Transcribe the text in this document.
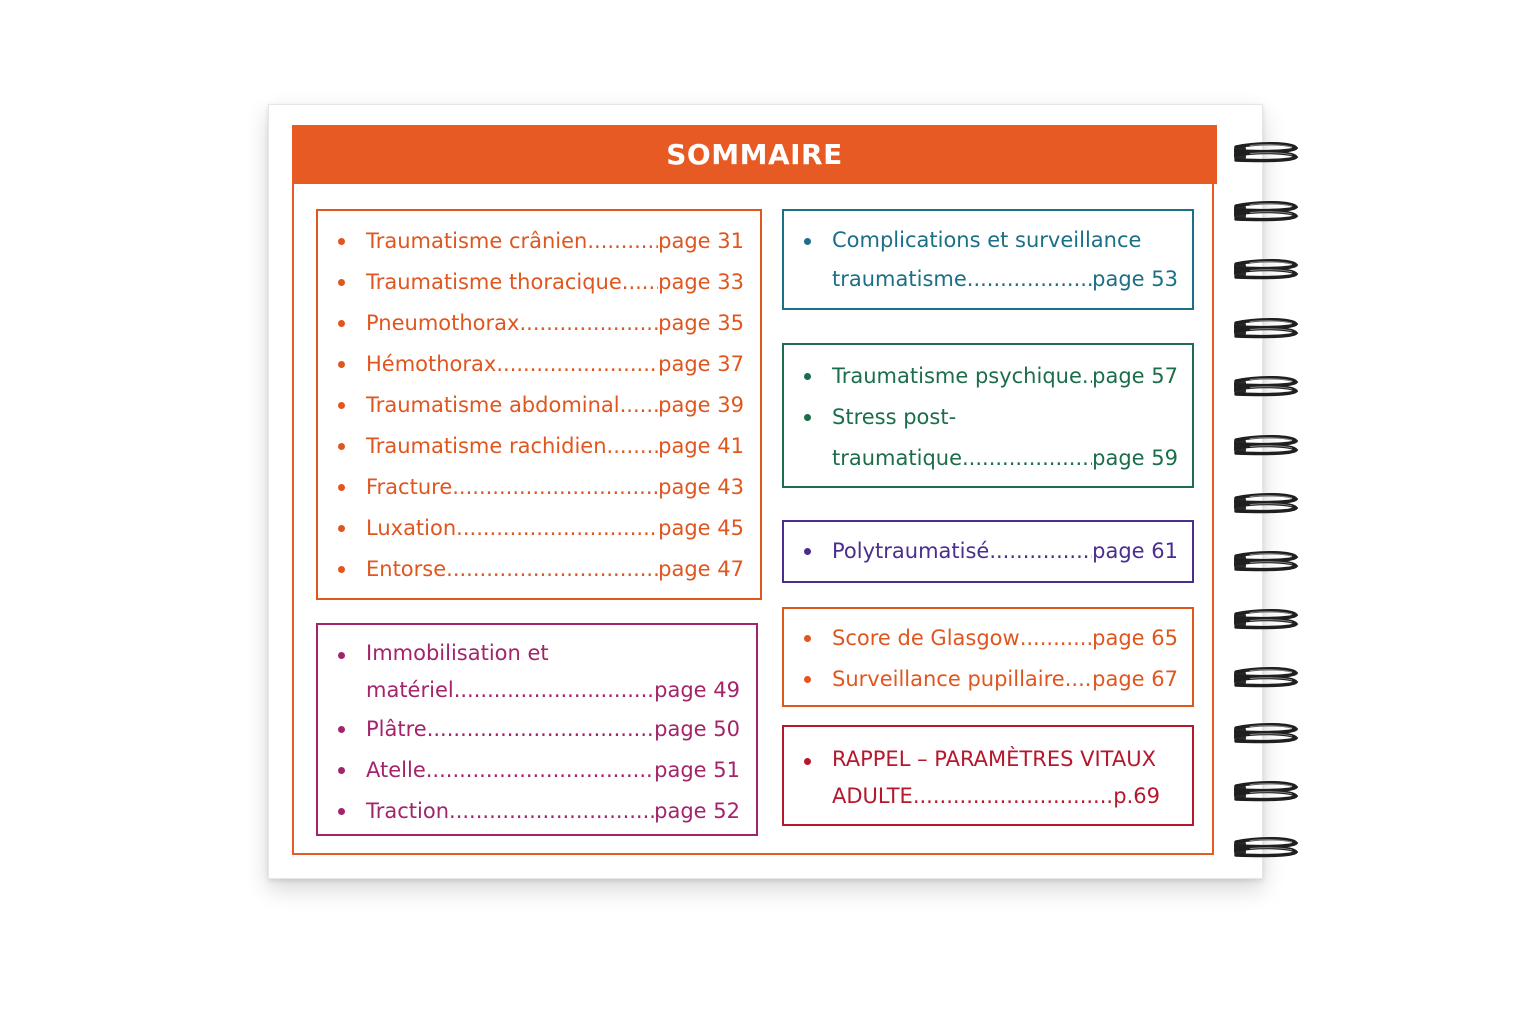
SOMMAIRE
Traumatisme crânien .....	page 31
Traumatisme thoracique ..... page 33
Pneumothorax .....	page 35
Hémothorax .....	page 37
Traumatisme abdominal ..... page 39
Traumatisme rachidien ..... page 41
Fracture .....	page 43
Luxation .....	page 45
Entorse .....	page 47
Immobilisation et
matériel .....	page 49
Plâtre .....	page 50
Atelle .....	page 51
Traction .....	page 52
Complications et surveillance
traumatisme .....	page 53
Traumatisme psychique ..... page 57
Stress post-
traumatique .....	page 59
Polytraumatisé .....	page 61
Score de Glasgow .....	page 65
Surveillance pupillaire ..... page 67
RAPPEL – PARAMÈTRES VITAUX
ADULTE .....	p.69
